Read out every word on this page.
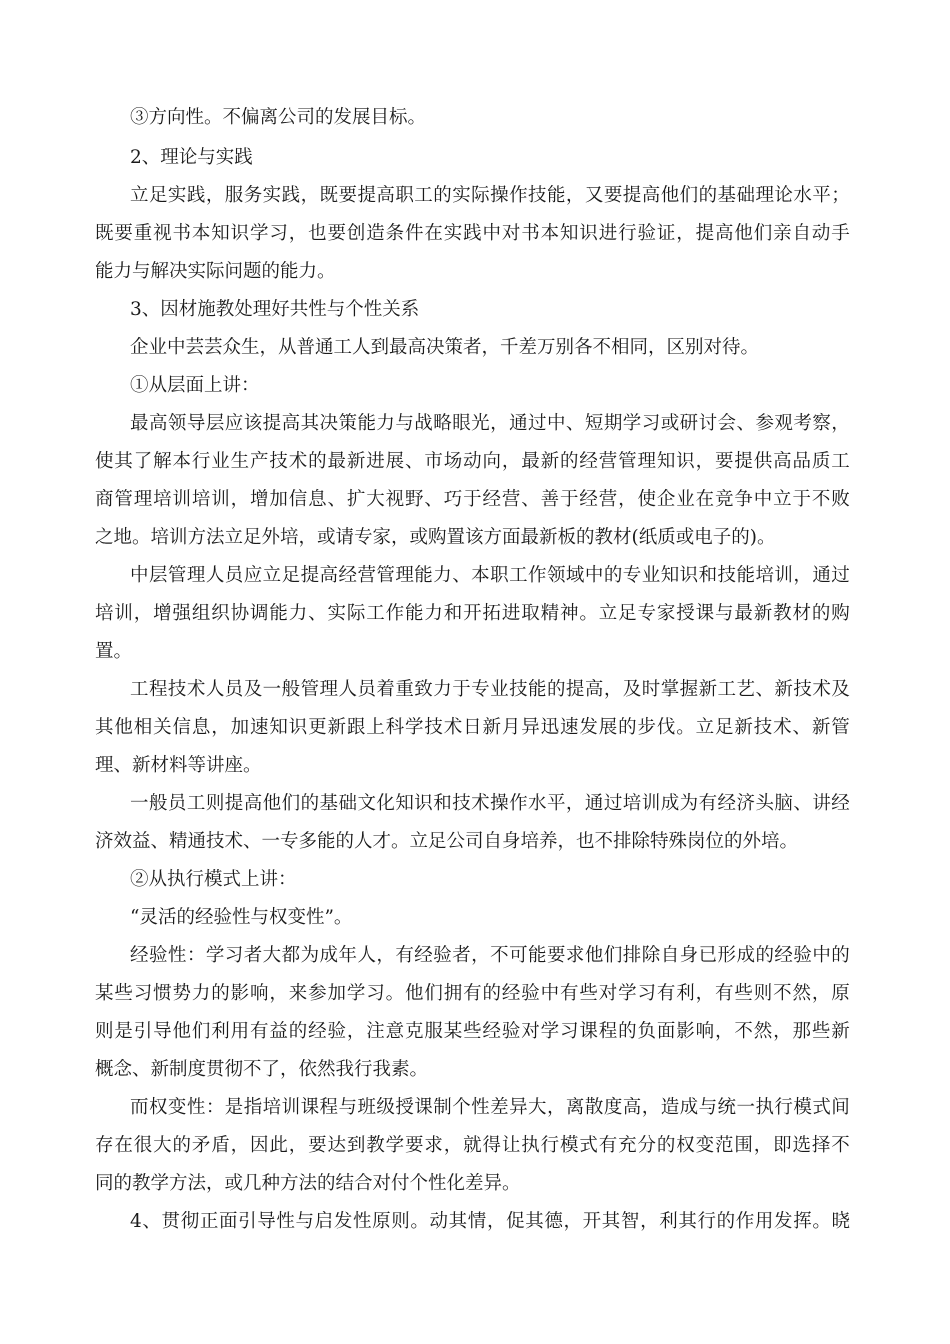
③方向性。不偏离公司的发展目标。
2、理论与实践
立 足 实 践 ， 服 务 实 践 ， 既 要 提 高 职 工 的 实 际 操 作 技 能 ， 又 要 提 高 他 们 的 基 础 理 论 水 平 ；
既 要 重 视 书 本 知 识 学 习 ， 也 要 创 造 条 件 在 实 践 中 对 书 本 知 识 进 行 验 证 ， 提 高 他 们 亲 自 动 手
能力与解决实际问题的能力。
3、因材施教处理好共性与个性关系
企业中芸芸众生，从普通工人到最高决策者，千差万别各不相同，区别对待。
①从层面上讲：
最 高 领 导 层 应 该 提 高 其 决 策 能 力 与 战 略 眼 光 ， 通 过 中 、 短 期 学 习 或 研 讨 会 、 参 观 考 察 ，
使 其 了 解 本 行 业 生 产 技 术 的 最 新 进 展 、 市 场 动 向 ， 最 新 的 经 营 管 理 知 识 ， 要 提 供 高 品 质 工
商 管 理 培 训 培 训 ， 增 加 信 息 、 扩 大 视 野 、 巧 于 经 营 、 善 于 经 营 ， 使 企 业 在 竞 争 中 立 于 不 败
之地。培训方法立足外培，或请专家，或购置该方面最新板的教材(纸质或电子的)。
中 层 管 理 人 员 应 立 足 提 高 经 营 管 理 能 力 、 本 职 工 作 领 域 中 的 专 业 知 识 和 技 能 培 训 ， 通 过
培 训 ， 增 强 组 织 协 调 能 力 、 实 际 工 作 能 力 和 开 拓 进 取 精 神 。 立 足 专 家 授 课 与 最 新 教 材 的 购
置。
工 程 技 术 人 员 及 一 般 管 理 人 员 着 重 致 力 于 专 业 技 能 的 提 高 ， 及 时 掌 握 新 工 艺 、 新 技 术 及
其 他 相 关 信 息 ， 加 速 知 识 更 新 跟 上 科 学 技 术 日 新 月 异 迅 速 发 展 的 步 伐 。 立 足 新 技 术 、 新 管
理、新材料等讲座。
一 般 员 工 则 提 高 他 们 的 基 础 文 化 知 识 和 技 术 操 作 水 平 ， 通 过 培 训 成 为 有 经 济 头 脑 、 讲 经
济效益、精通技术、一专多能的人才。立足公司自身培养，也不排除特殊岗位的外培。
②从执行模式上讲：
“灵活的经验性与权变性”。
经 验 性 ： 学 习 者 大 都 为 成 年 人 ， 有 经 验 者 ， 不 可 能 要 求 他 们 排 除 自 身 已 形 成 的 经 验 中 的
某 些 习 惯 势 力 的 影 响 ， 来 参 加 学 习 。 他 们 拥 有 的 经 验 中 有 些 对 学 习 有 利 ， 有 些 则 不 然 ， 原
则 是 引 导 他 们 利 用 有 益 的 经 验 ， 注 意 克 服 某 些 经 验 对 学 习 课 程 的 负 面 影 响 ， 不 然 ， 那 些 新
概念、新制度贯彻不了，依然我行我素。
而 权 变 性 ： 是 指 培 训 课 程 与 班 级 授 课 制 个 性 差 异 大 ， 离 散 度 高 ， 造 成 与 统 一 执 行 模 式 间
存 在 很 大 的 矛 盾 ， 因 此 ， 要 达 到 教 学 要 求 ， 就 得 让 执 行 模 式 有 充 分 的 权 变 范 围 ， 即 选 择 不
同的教学方法，或几种方法的结合对付个性化差异。
4 、 贯 彻 正 面 引 导 性 与 启 发 性 原 则 。 动 其 情 ， 促 其 德 ， 开 其 智 ， 利 其 行 的 作 用 发 挥 。 晓
